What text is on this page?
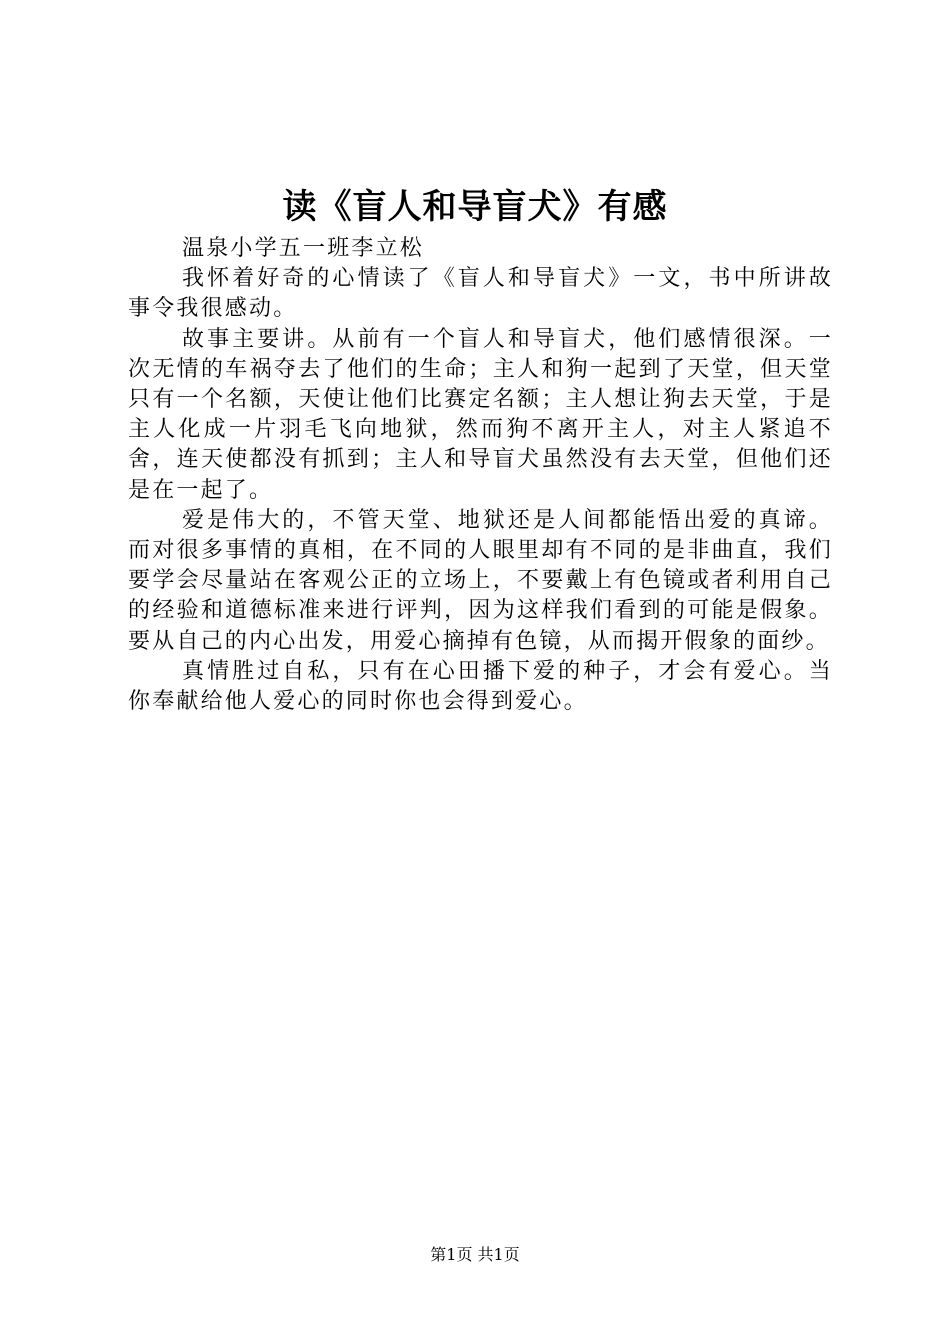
读《盲人和导盲犬》有感
温泉小学五一班李立松

我怀着好奇的心情读了《盲人和导盲犬》一文，书中所讲故事令我很感动。

故事主要讲。从前有一个盲人和导盲犬，他们感情很深。一次无情的车祸夺去了他们的生命；主人和狗一起到了天堂，但天堂只有一个名额，天使让他们比赛定名额；主人想让狗去天堂，于是主人化成一片羽毛飞向地狱，然而狗不离开主人，对主人紧追不舍，连天使都没有抓到；主人和导盲犬虽然没有去天堂，但他们还是在一起了。

爱是伟大的，不管天堂、地狱还是人间都能悟出爱的真谛。而对很多事情的真相，在不同的人眼里却有不同的是非曲直，我们要学会尽量站在客观公正的立场上，不要戴上有色镜或者利用自己的经验和道德标准来进行评判，因为这样我们看到的可能是假象。要从自己的内心出发，用爱心摘掉有色镜，从而揭开假象的面纱。

真情胜过自私，只有在心田播下爱的种子，才会有爱心。当你奉献给他人爱心的同时你也会得到爱心。

第1页 共1页
